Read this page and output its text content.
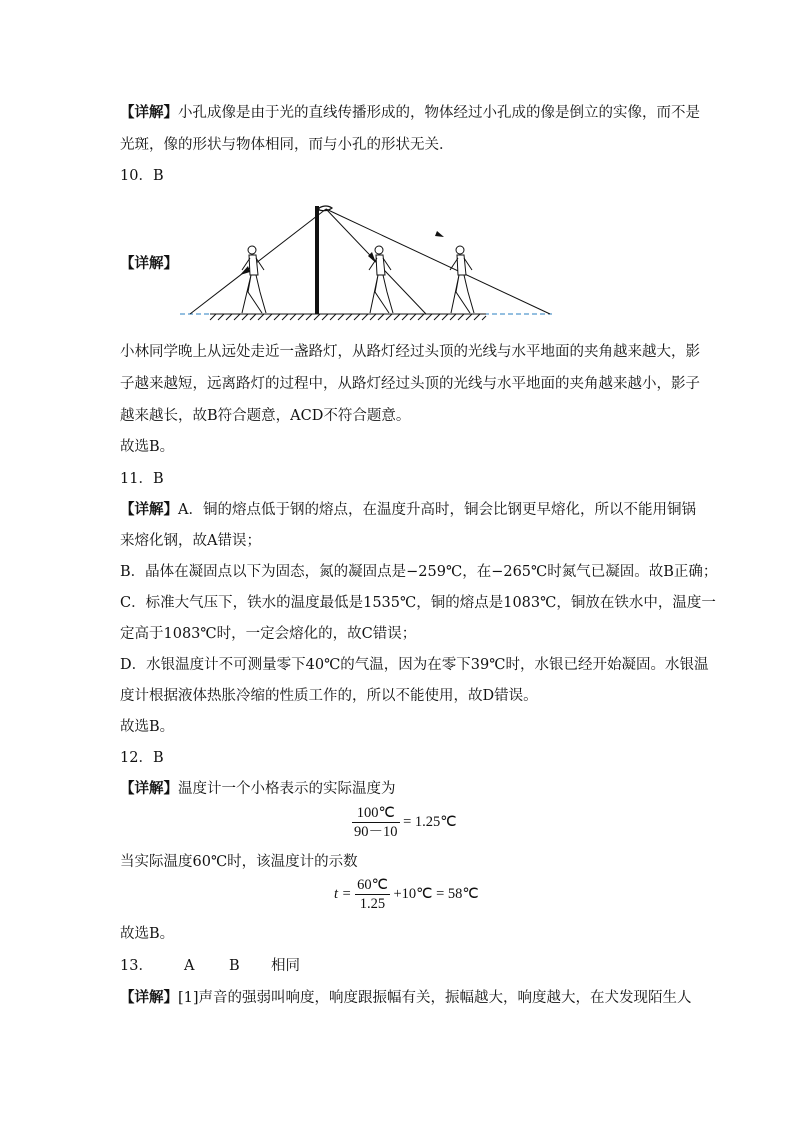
【详解】小孔成像是由于光的直线传播形成的，物体经过小孔成的像是倒立的实像，而不是
光斑，像的形状与物体相同，而与小孔的形状无关．
10．B
【详解】
小林同学晚上从远处走近一盏路灯，从路灯经过头顶的光线与水平地面的夹角越来越大，影
子越来越短，远离路灯的过程中，从路灯经过头顶的光线与水平地面的夹角越来越小，影子
越来越长，故B符合题意，ACD不符合题意。
故选B。
11．B
【详解】A．铜的熔点低于钢的熔点，在温度升高时，铜会比钢更早熔化，所以不能用铜锅
来熔化钢，故A错误；
B．晶体在凝固点以下为固态，氮的凝固点是−259℃，在−265℃时氮气已凝固。故B正确；
C．标准大气压下，铁水的温度最低是1535℃，铜的熔点是1083℃，铜放在铁水中，温度一
定高于1083℃时，一定会熔化的，故C错误；
D．水银温度计不可测量零下40℃的气温，因为在零下39℃时，水银已经开始凝固。水银温
度计根据液体热胀冷缩的性质工作的，所以不能使用，故D错误。
故选B。
12．B
【详解】温度计一个小格表示的实际温度为
$\frac{100℃}{90-10}$ = 1.25℃
当实际温度60℃时，该温度计的示数
$t = \frac{60℃}{1.25}$ +10℃ = 58℃
故选B。
13． A B 相同
【详解】[1]声音的强弱叫响度，响度跟振幅有关，振幅越大，响度越大，在犬发现陌生人
